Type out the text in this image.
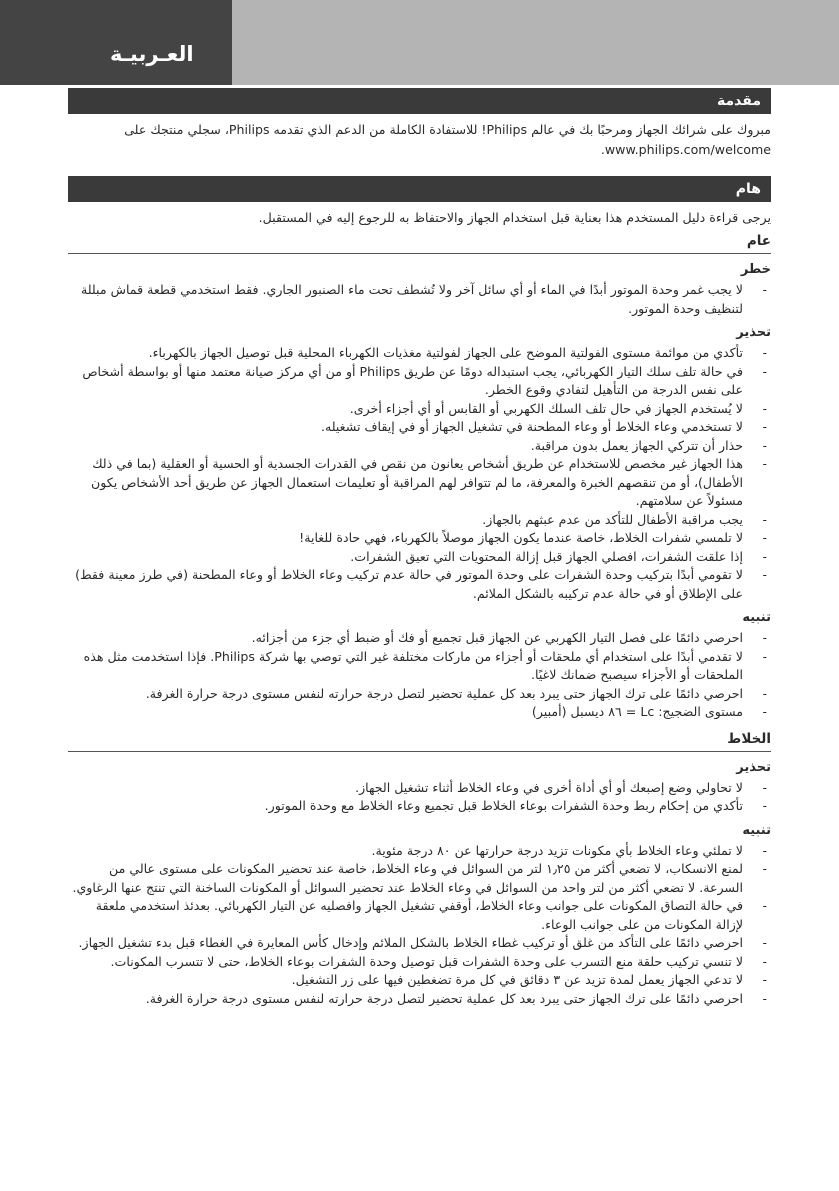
العـربيـة
مقدمة

مبروك على شرائك الجهاز ومرحبًا بك في عالم Philips! للاستفادة الكاملة من الدعم الذي تقدمه Philips، سجلي منتجك على www.philips.com/welcome.

هام

يرجى قراءة دليل المستخدم هذا بعناية قبل استخدام الجهاز والاحتفاظ به للرجوع إليه في المستقبل.

عام
خطر
- لا يجب غمر وحدة الموتور أبدًا في الماء أو أي سائل آخر ولا تُشطف تحت ماء الصنبور الجاري. فقط استخدمي قطعة قماش مبللة لتنظيف وحدة الموتور.
تحذير
- تأكدي من موائمة مستوى الفولتية الموضح على الجهاز لفولتية مغذيات الكهرباء المحلية قبل توصيل الجهاز بالكهرباء.
- في حالة تلف سلك التيار الكهربائي، يجب استبداله دومًا عن طريق Philips أو من أي مركز صيانة معتمد منها أو بواسطة أشخاص على نفس الدرجة من التأهيل لتفادي وقوع الخطر.
- لا يُستخدم الجهاز في حال تلف السلك الكهربي أو القابس أو أي أجزاء أخرى.
- لا تستخدمي وعاء الخلاط أو وعاء المطحنة في تشغيل الجهاز أو في إيقاف تشغيله.
- حذار أن تتركي الجهاز يعمل بدون مراقبة.
- هذا الجهاز غير مخصص للاستخدام عن طريق أشخاص يعانون من نقص في القدرات الجسدية أو الحسية أو العقلية (بما في ذلك الأطفال)، أو من تنقصهم الخبرة والمعرفة، ما لم تتوافر لهم المراقبة أو تعليمات استعمال الجهاز عن طريق أحد الأشخاص يكون مسئولاً عن سلامتهم.
- يجب مراقبة الأطفال للتأكد من عدم عبثهم بالجهاز.
- لا تلمسي شفرات الخلاط، خاصة عندما يكون الجهاز موصلاً بالكهرباء، فهي حادة للغاية!
- إذا علقت الشفرات، افصلي الجهاز قبل إزالة المحتويات التي تعيق الشفرات.
- لا تقومي أبدًا بتركيب وحدة الشفرات على وحدة الموتور في حالة عدم تركيب وعاء الخلاط أو وعاء المطحنة (في طرز معينة فقط) على الإطلاق أو في حالة عدم تركيبه بالشكل الملائم.
تنبيه
- احرصي دائمًا على فصل التيار الكهربي عن الجهاز قبل تجميع أو فك أو ضبط أي جزء من أجزائه.
- لا تقدمي أبدًا على استخدام أي ملحقات أو أجزاء من ماركات مختلفة غير التي توصي بها شركة Philips. فإذا استخدمت مثل هذه الملحقات أو الأجزاء سيصبح ضمانك لاغيًا.
- احرصي دائمًا على ترك الجهاز حتى يبرد بعد كل عملية تحضير لتصل درجة حرارته لنفس مستوى درجة حرارة الغرفة.
- مستوى الضجيج: Lc = ٨٦ ديسبل (أمبير)
الخلاط
تحذير
- لا تحاولي وضع إصبعك أو أي أداة أخرى في وعاء الخلاط أثناء تشغيل الجهاز.
- تأكدي من إحكام ربط وحدة الشفرات بوعاء الخلاط قبل تجميع وعاء الخلاط مع وحدة الموتور.
تنبيه
- لا تملئي وعاء الخلاط بأي مكونات تزيد درجة حرارتها عن ٨٠ درجة مئوية.
- لمنع الانسكاب، لا تضعي أكثر من ١٫٢٥ لتر من السوائل في وعاء الخلاط، خاصة عند تحضير المكونات على مستوى عالي من السرعة. لا تضعي أكثر من لتر واحد من السوائل في وعاء الخلاط عند تحضير السوائل أو المكونات الساخنة التي تنتج عنها الرغاوي.
- في حالة التصاق المكونات على جوانب وعاء الخلاط، أوقفي تشغيل الجهاز وافصليه عن التيار الكهربائي. بعدئذ استخدمي ملعقة لإزالة المكونات من على جوانب الوعاء.
- احرصي دائمًا على التأكد من غلق أو تركيب غطاء الخلاط بالشكل الملائم وإدخال كأس المعايرة في الغطاء قبل بدء تشغيل الجهاز.
- لا تنسي تركيب حلقة منع التسرب على وحدة الشفرات قبل توصيل وحدة الشفرات بوعاء الخلاط، حتى لا تتسرب المكونات.
- لا تدعي الجهاز يعمل لمدة تزيد عن ٣ دقائق في كل مرة تضغطين فيها على زر التشغيل.
- احرصي دائمًا على ترك الجهاز حتى يبرد بعد كل عملية تحضير لتصل درجة حرارته لنفس مستوى درجة حرارة الغرفة.
